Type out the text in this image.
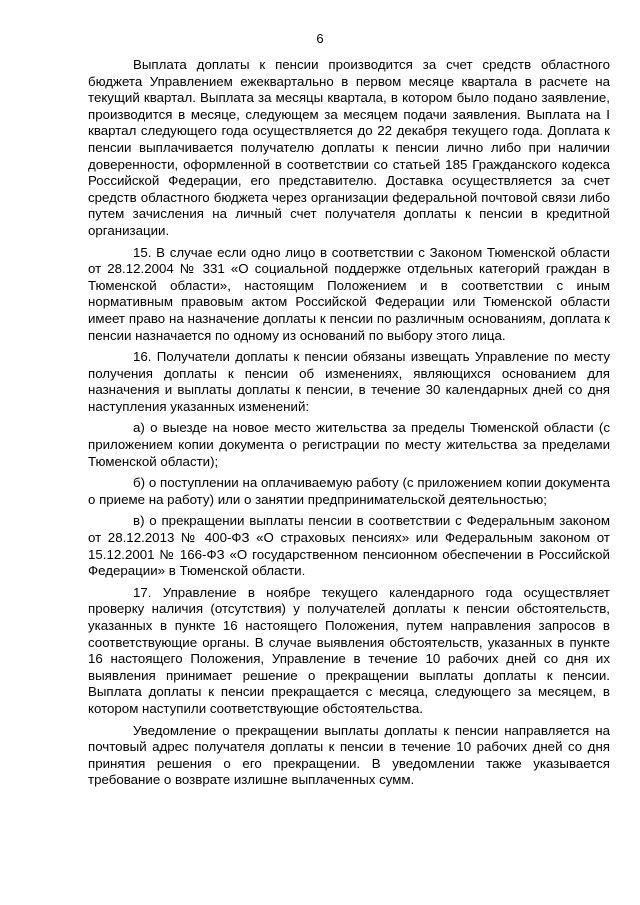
6

Выплата доплаты к пенсии производится за счет средств областного бюджета Управлением ежеквартально в первом месяце квартала в расчете на текущий квартал. Выплата за месяцы квартала, в котором было подано заявление, производится в месяце, следующем за месяцем подачи заявления. Выплата на I квартал следующего года осуществляется до 22 декабря текущего года. Доплата к пенсии выплачивается получателю доплаты к пенсии лично либо при наличии доверенности, оформленной в соответствии со статьей 185 Гражданского кодекса Российской Федерации, его представителю. Доставка осуществляется за счет средств областного бюджета через организации федеральной почтовой связи либо путем зачисления на личный счет получателя доплаты к пенсии в кредитной организации.

15. В случае если одно лицо в соответствии с Законом Тюменской области от 28.12.2004 № 331 «О социальной поддержке отдельных категорий граждан в Тюменской области», настоящим Положением и в соответствии с иным нормативным правовым актом Российской Федерации или Тюменской области имеет право на назначение доплаты к пенсии по различным основаниям, доплата к пенсии назначается по одному из оснований по выбору этого лица.

16. Получатели доплаты к пенсии обязаны извещать Управление по месту получения доплаты к пенсии об изменениях, являющихся основанием для назначения и выплаты доплаты к пенсии, в течение 30 календарных дней со дня наступления указанных изменений:

а) о выезде на новое место жительства за пределы Тюменской области (с приложением копии документа о регистрации по месту жительства за пределами Тюменской области);

б) о поступлении на оплачиваемую работу (с приложением копии документа о приеме на работу) или о занятии предпринимательской деятельностью;

в) о прекращении выплаты пенсии в соответствии с Федеральным законом от 28.12.2013 № 400-ФЗ «О страховых пенсиях» или Федеральным законом от 15.12.2001 № 166-ФЗ «О государственном пенсионном обеспечении в Российской Федерации» в Тюменской области.

17. Управление в ноябре текущего календарного года осуществляет проверку наличия (отсутствия) у получателей доплаты к пенсии обстоятельств, указанных в пункте 16 настоящего Положения, путем направления запросов в соответствующие органы. В случае выявления обстоятельств, указанных в пункте 16 настоящего Положения, Управление в течение 10 рабочих дней со дня их выявления принимает решение о прекращении выплаты доплаты к пенсии. Выплата доплаты к пенсии прекращается с месяца, следующего за месяцем, в котором наступили соответствующие обстоятельства.

Уведомление о прекращении выплаты доплаты к пенсии направляется на почтовый адрес получателя доплаты к пенсии в течение 10 рабочих дней со дня принятия решения о его прекращении. В уведомлении также указывается требование о возврате излишне выплаченных сумм.
